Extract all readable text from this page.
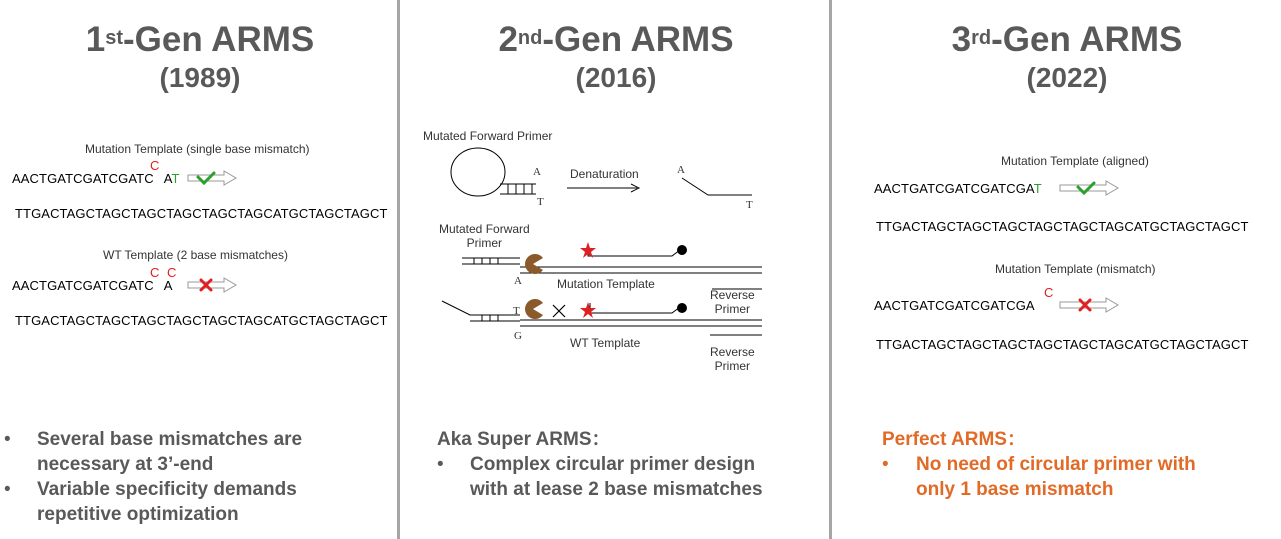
1st-Gen ARMS
(1989)
Mutation Template (single base mismatch)
AACTGATCGATCGATC AT
C
TTGACTAGCTAGCTAGCTAGCTAGCTAGCATGCTAGCTAGCT
WT Template (2 base mismatches)
AACTGATCGATCGATC A
C C
TTGACTAGCTAGCTAGCTAGCTAGCTAGCATGCTAGCTAGCT
• Several base mismatches are
necessary at 3’-end
• Variable specificity demands
repetitive optimization
2nd-Gen ARMS
(2016)
Mutated Forward Primer
A
T
Denaturation	A
T
Mutated Forward
Primer
A	Mutation Template
Reverse
Primer
T
G	WT Template
Reverse
Primer
Aka Super ARMS：
• Complex circular primer design
with at lease 2 base mismatches
3rd-Gen ARMS
(2022)
Mutation Template (aligned)
AACTGATCGATCGATCGAT
TTGACTAGCTAGCTAGCTAGCTAGCTAGCATGCTAGCTAGCT
Mutation Template (mismatch)
AACTGATCGATCGATCGA
C
TTGACTAGCTAGCTAGCTAGCTAGCTAGCATGCTAGCTAGCT
Perfect ARMS：
• No need of circular primer with
only 1 base mismatch
